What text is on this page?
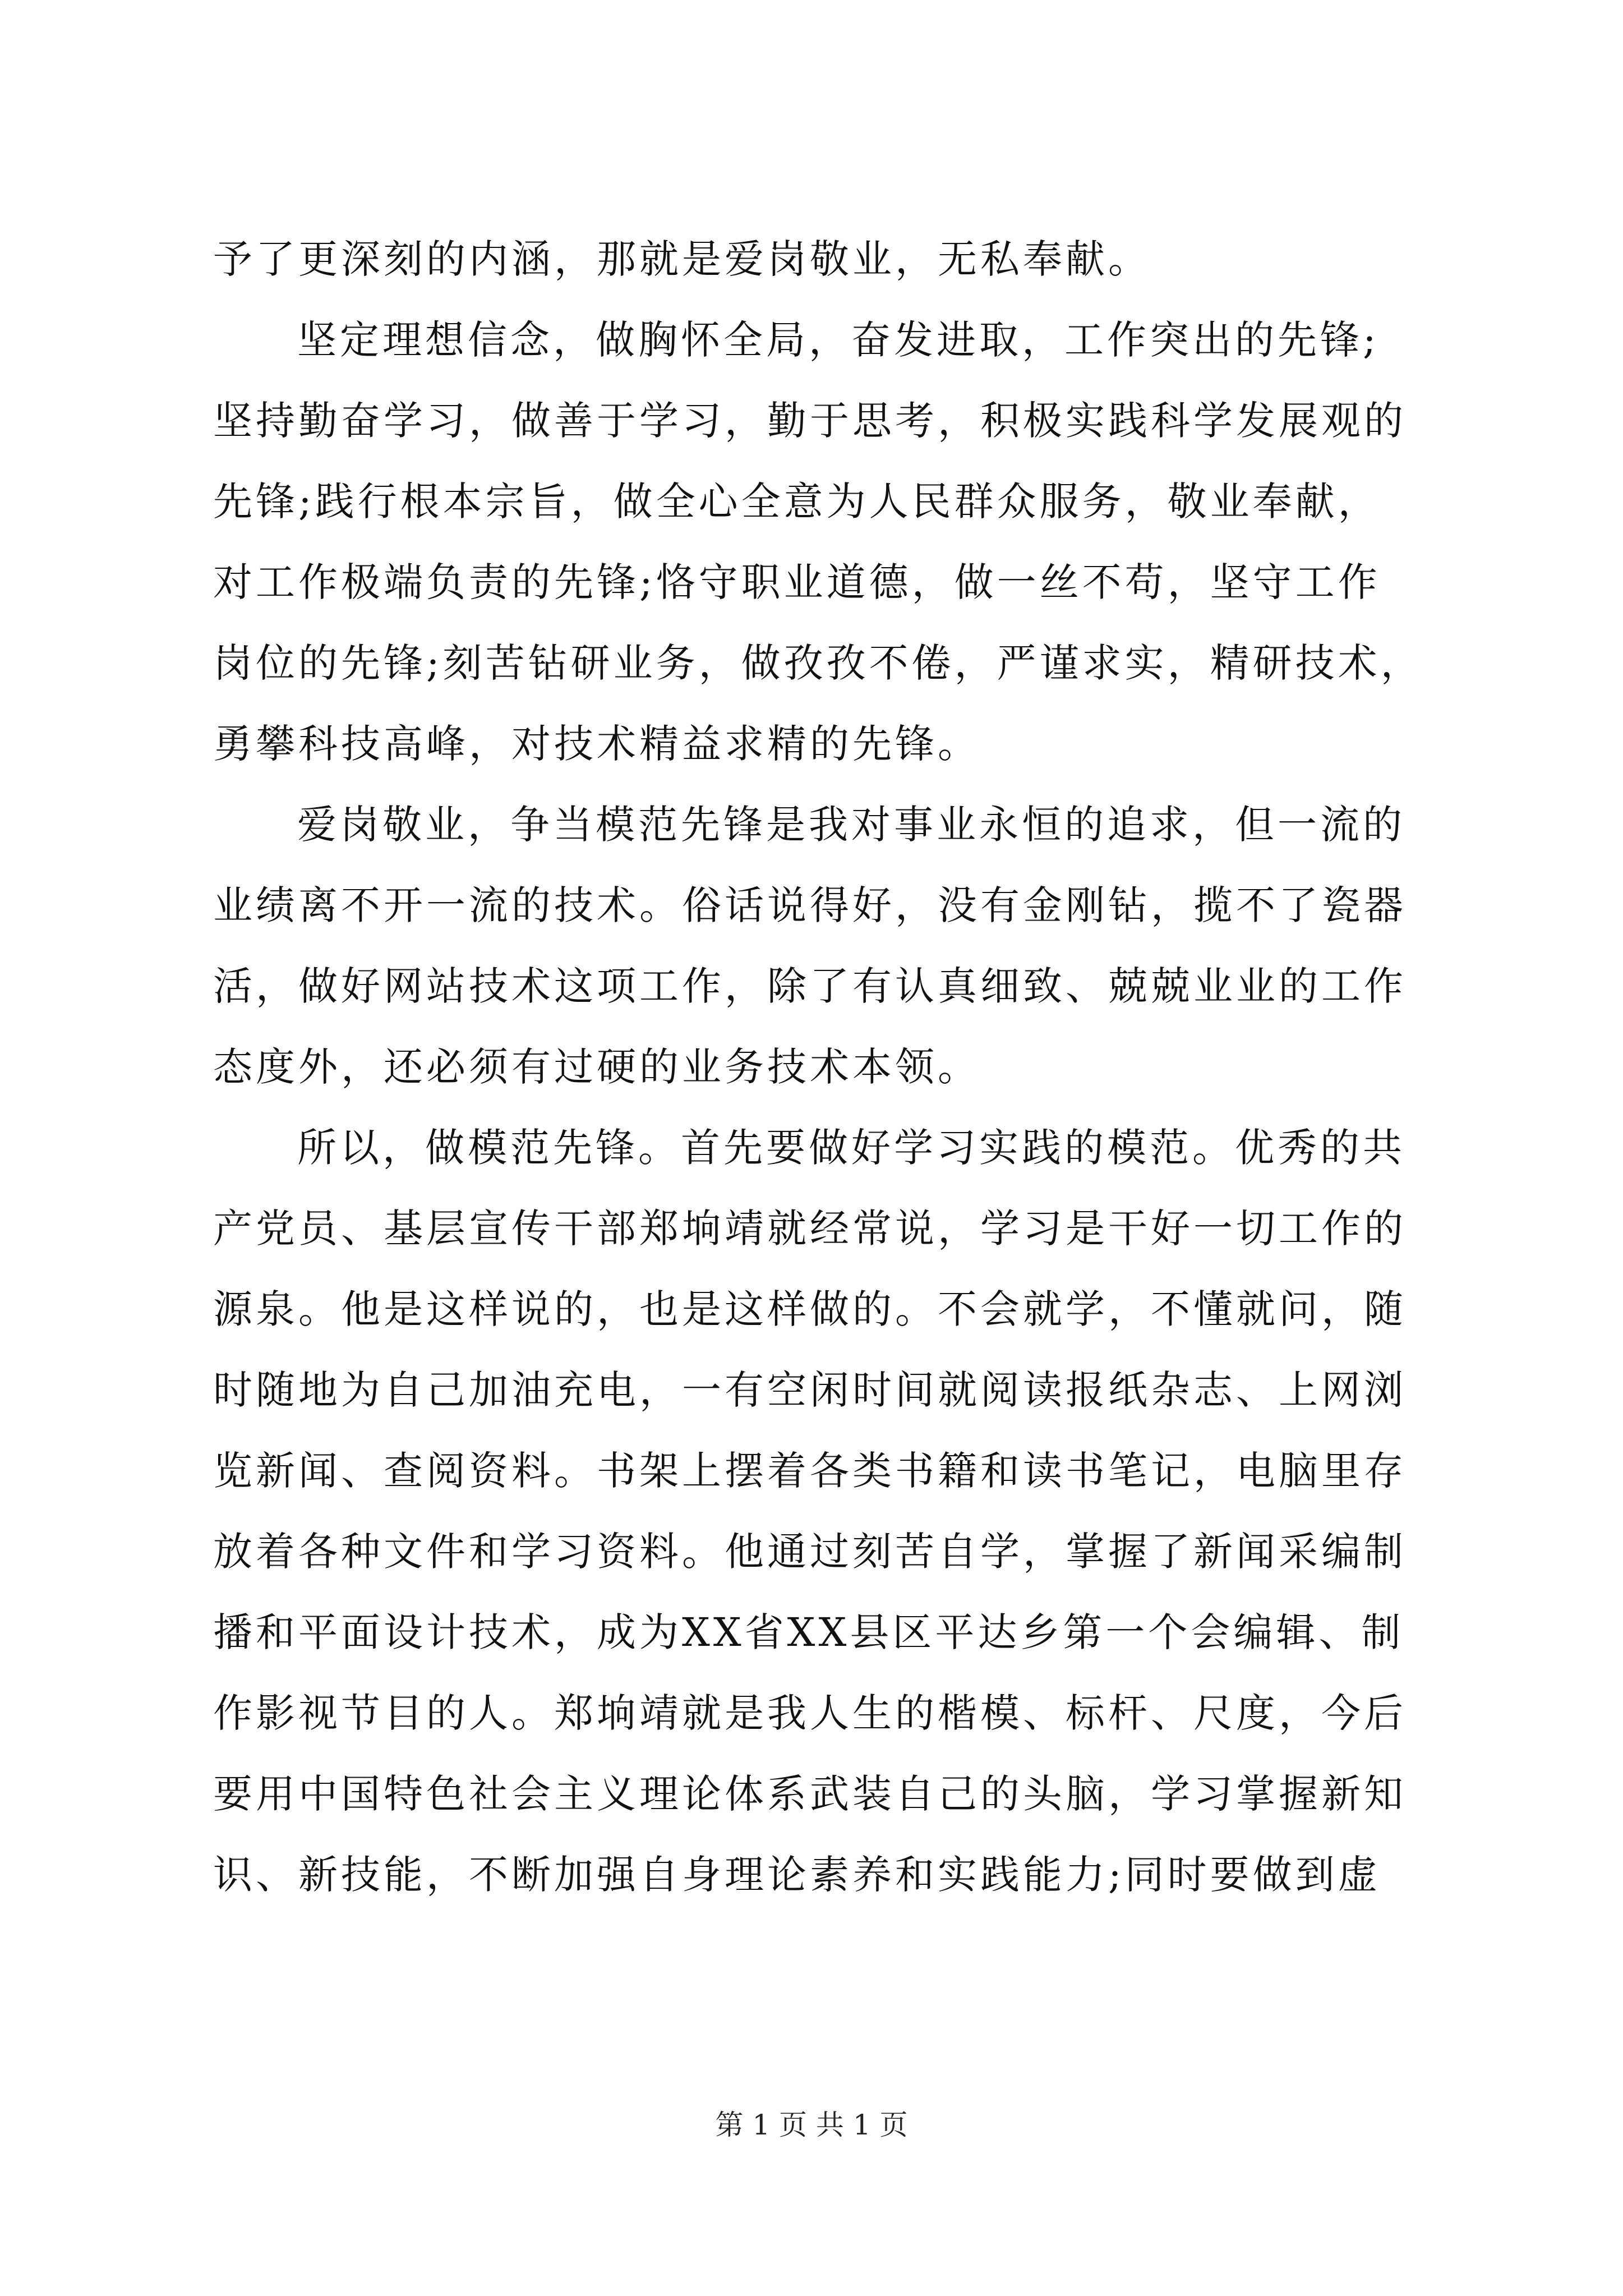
予了更深刻的内涵，那就是爱岗敬业，无私奉献。
坚定理想信念，做胸怀全局，奋发进取，工作突出的先锋;
坚持勤奋学习，做善于学习，勤于思考，积极实践科学发展观的
先锋;践行根本宗旨，做全心全意为人民群众服务，敬业奉献，
对工作极端负责的先锋;恪守职业道德，做一丝不苟，坚守工作
岗位的先锋;刻苦钻研业务，做孜孜不倦，严谨求实，精研技术，
勇攀科技高峰，对技术精益求精的先锋。
爱岗敬业，争当模范先锋是我对事业永恒的追求，但一流的
业绩离不开一流的技术。俗话说得好，没有金刚钻，揽不了瓷器
活，做好网站技术这项工作，除了有认真细致、兢兢业业的工作
态度外，还必须有过硬的业务技术本领。
所以，做模范先锋。首先要做好学习实践的模范。优秀的共
产党员、基层宣传干部郑垧靖就经常说，学习是干好一切工作的
源泉。他是这样说的，也是这样做的。不会就学，不懂就问，随
时随地为自己加油充电，一有空闲时间就阅读报纸杂志、上网浏
览新闻、查阅资料。书架上摆着各类书籍和读书笔记，电脑里存
放着各种文件和学习资料。他通过刻苦自学，掌握了新闻采编制
播和平面设计技术，成为XX省XX县区平达乡第一个会编辑、制
作影视节目的人。郑垧靖就是我人生的楷模、标杆、尺度，今后
要用中国特色社会主义理论体系武装自己的头脑，学习掌握新知
识、新技能，不断加强自身理论素养和实践能力;同时要做到虚
第 1 页 共 1 页
